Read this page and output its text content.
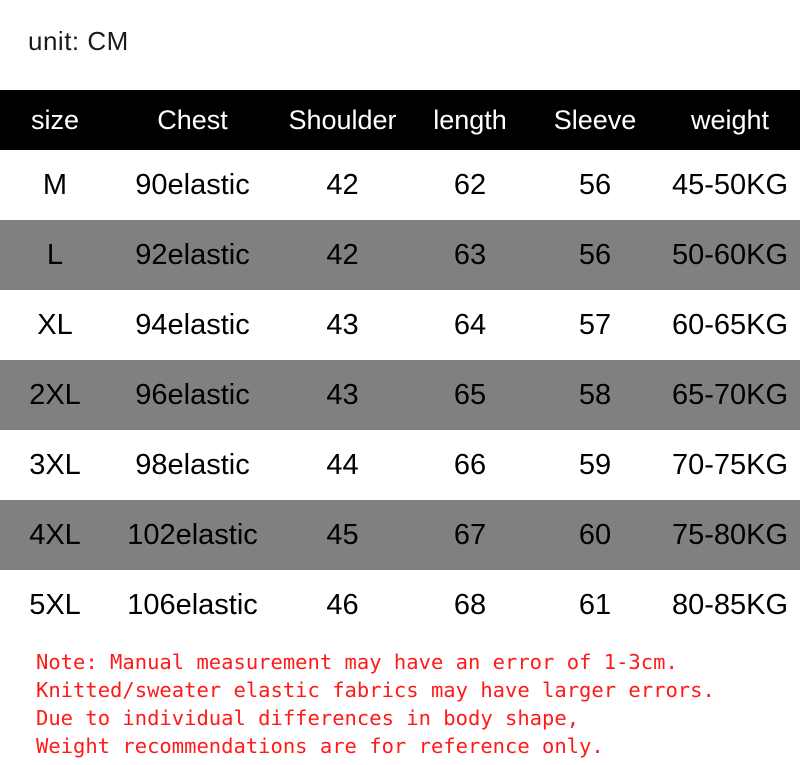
unit: CM
size	Chest	Shoulder	length	Sleeve	weight
M	90elastic	42	62	56	45-50KG
L	92elastic	42	63	56	50-60KG
XL	94elastic	43	64	57	60-65KG
2XL	96elastic	43	65	58	65-70KG
3XL	98elastic	44	66	59	70-75KG
4XL	102elastic	45	67	60	75-80KG
5XL	106elastic	46	68	61	80-85KG
Note: Manual measurement may have an error of 1-3cm.
Knitted/sweater elastic fabrics may have larger errors.
Due to individual differences in body shape,
Weight recommendations are for reference only.
